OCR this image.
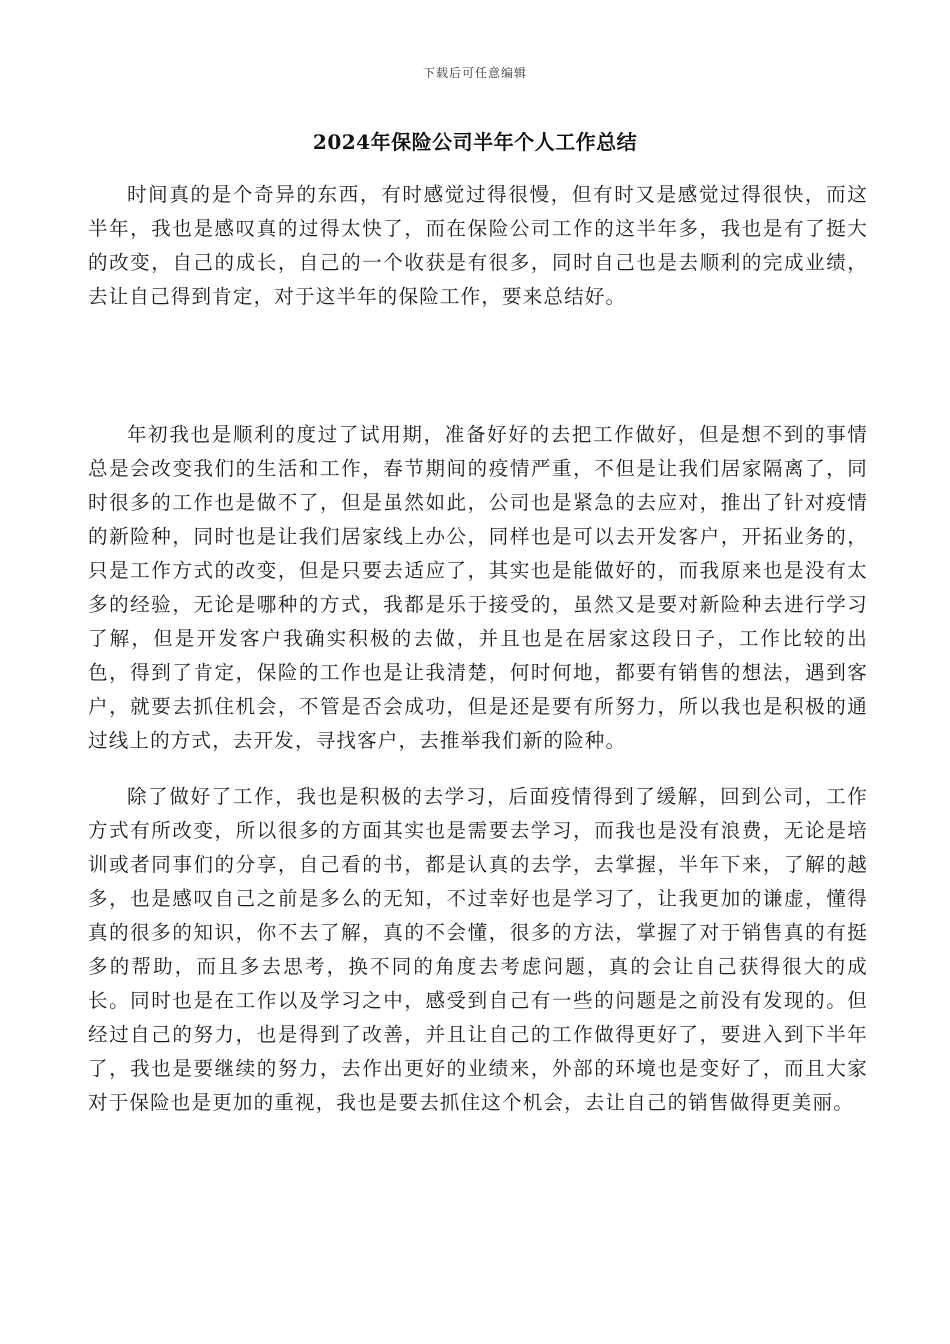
下载后可任意编辑
2024年保险公司半年个人工作总结

时间真的是个奇异的东西，有时感觉过得很慢，但有时又是感觉过得很快，而这半年，我也是感叹真的过得太快了，而在保险公司工作的这半年多，我也是有了挺大的改变，自己的成长，自己的一个收获是有很多，同时自己也是去顺利的完成业绩，去让自己得到肯定，对于这半年的保险工作，要来总结好。

年初我也是顺利的度过了试用期，准备好好的去把工作做好，但是想不到的事情总是会改变我们的生活和工作，春节期间的疫情严重，不但是让我们居家隔离了，同时很多的工作也是做不了，但是虽然如此，公司也是紧急的去应对，推出了针对疫情的新险种，同时也是让我们居家线上办公，同样也是可以去开发客户，开拓业务的，只是工作方式的改变，但是只要去适应了，其实也是能做好的，而我原来也是没有太多的经验，无论是哪种的方式，我都是乐于接受的，虽然又是要对新险种去进行学习了解，但是开发客户我确实积极的去做，并且也是在居家这段日子，工作比较的出色，得到了肯定，保险的工作也是让我清楚，何时何地，都要有销售的想法，遇到客户，就要去抓住机会，不管是否会成功，但是还是要有所努力，所以我也是积极的通过线上的方式，去开发，寻找客户，去推举我们新的险种。

除了做好了工作，我也是积极的去学习，后面疫情得到了缓解，回到公司，工作方式有所改变，所以很多的方面其实也是需要去学习，而我也是没有浪费，无论是培训或者同事们的分享，自己看的书，都是认真的去学，去掌握，半年下来，了解的越多，也是感叹自己之前是多么的无知，不过幸好也是学习了，让我更加的谦虚，懂得真的很多的知识，你不去了解，真的不会懂，很多的方法，掌握了对于销售真的有挺多的帮助，而且多去思考，换不同的角度去考虑问题，真的会让自己获得很大的成长。同时也是在工作以及学习之中，感受到自己有一些的问题是之前没有发现的。但经过自己的努力，也是得到了改善，并且让自己的工作做得更好了，要进入到下半年了，我也是要继续的努力，去作出更好的业绩来，外部的环境也是变好了，而且大家对于保险也是更加的重视，我也是要去抓住这个机会，去让自己的销售做得更美丽。
